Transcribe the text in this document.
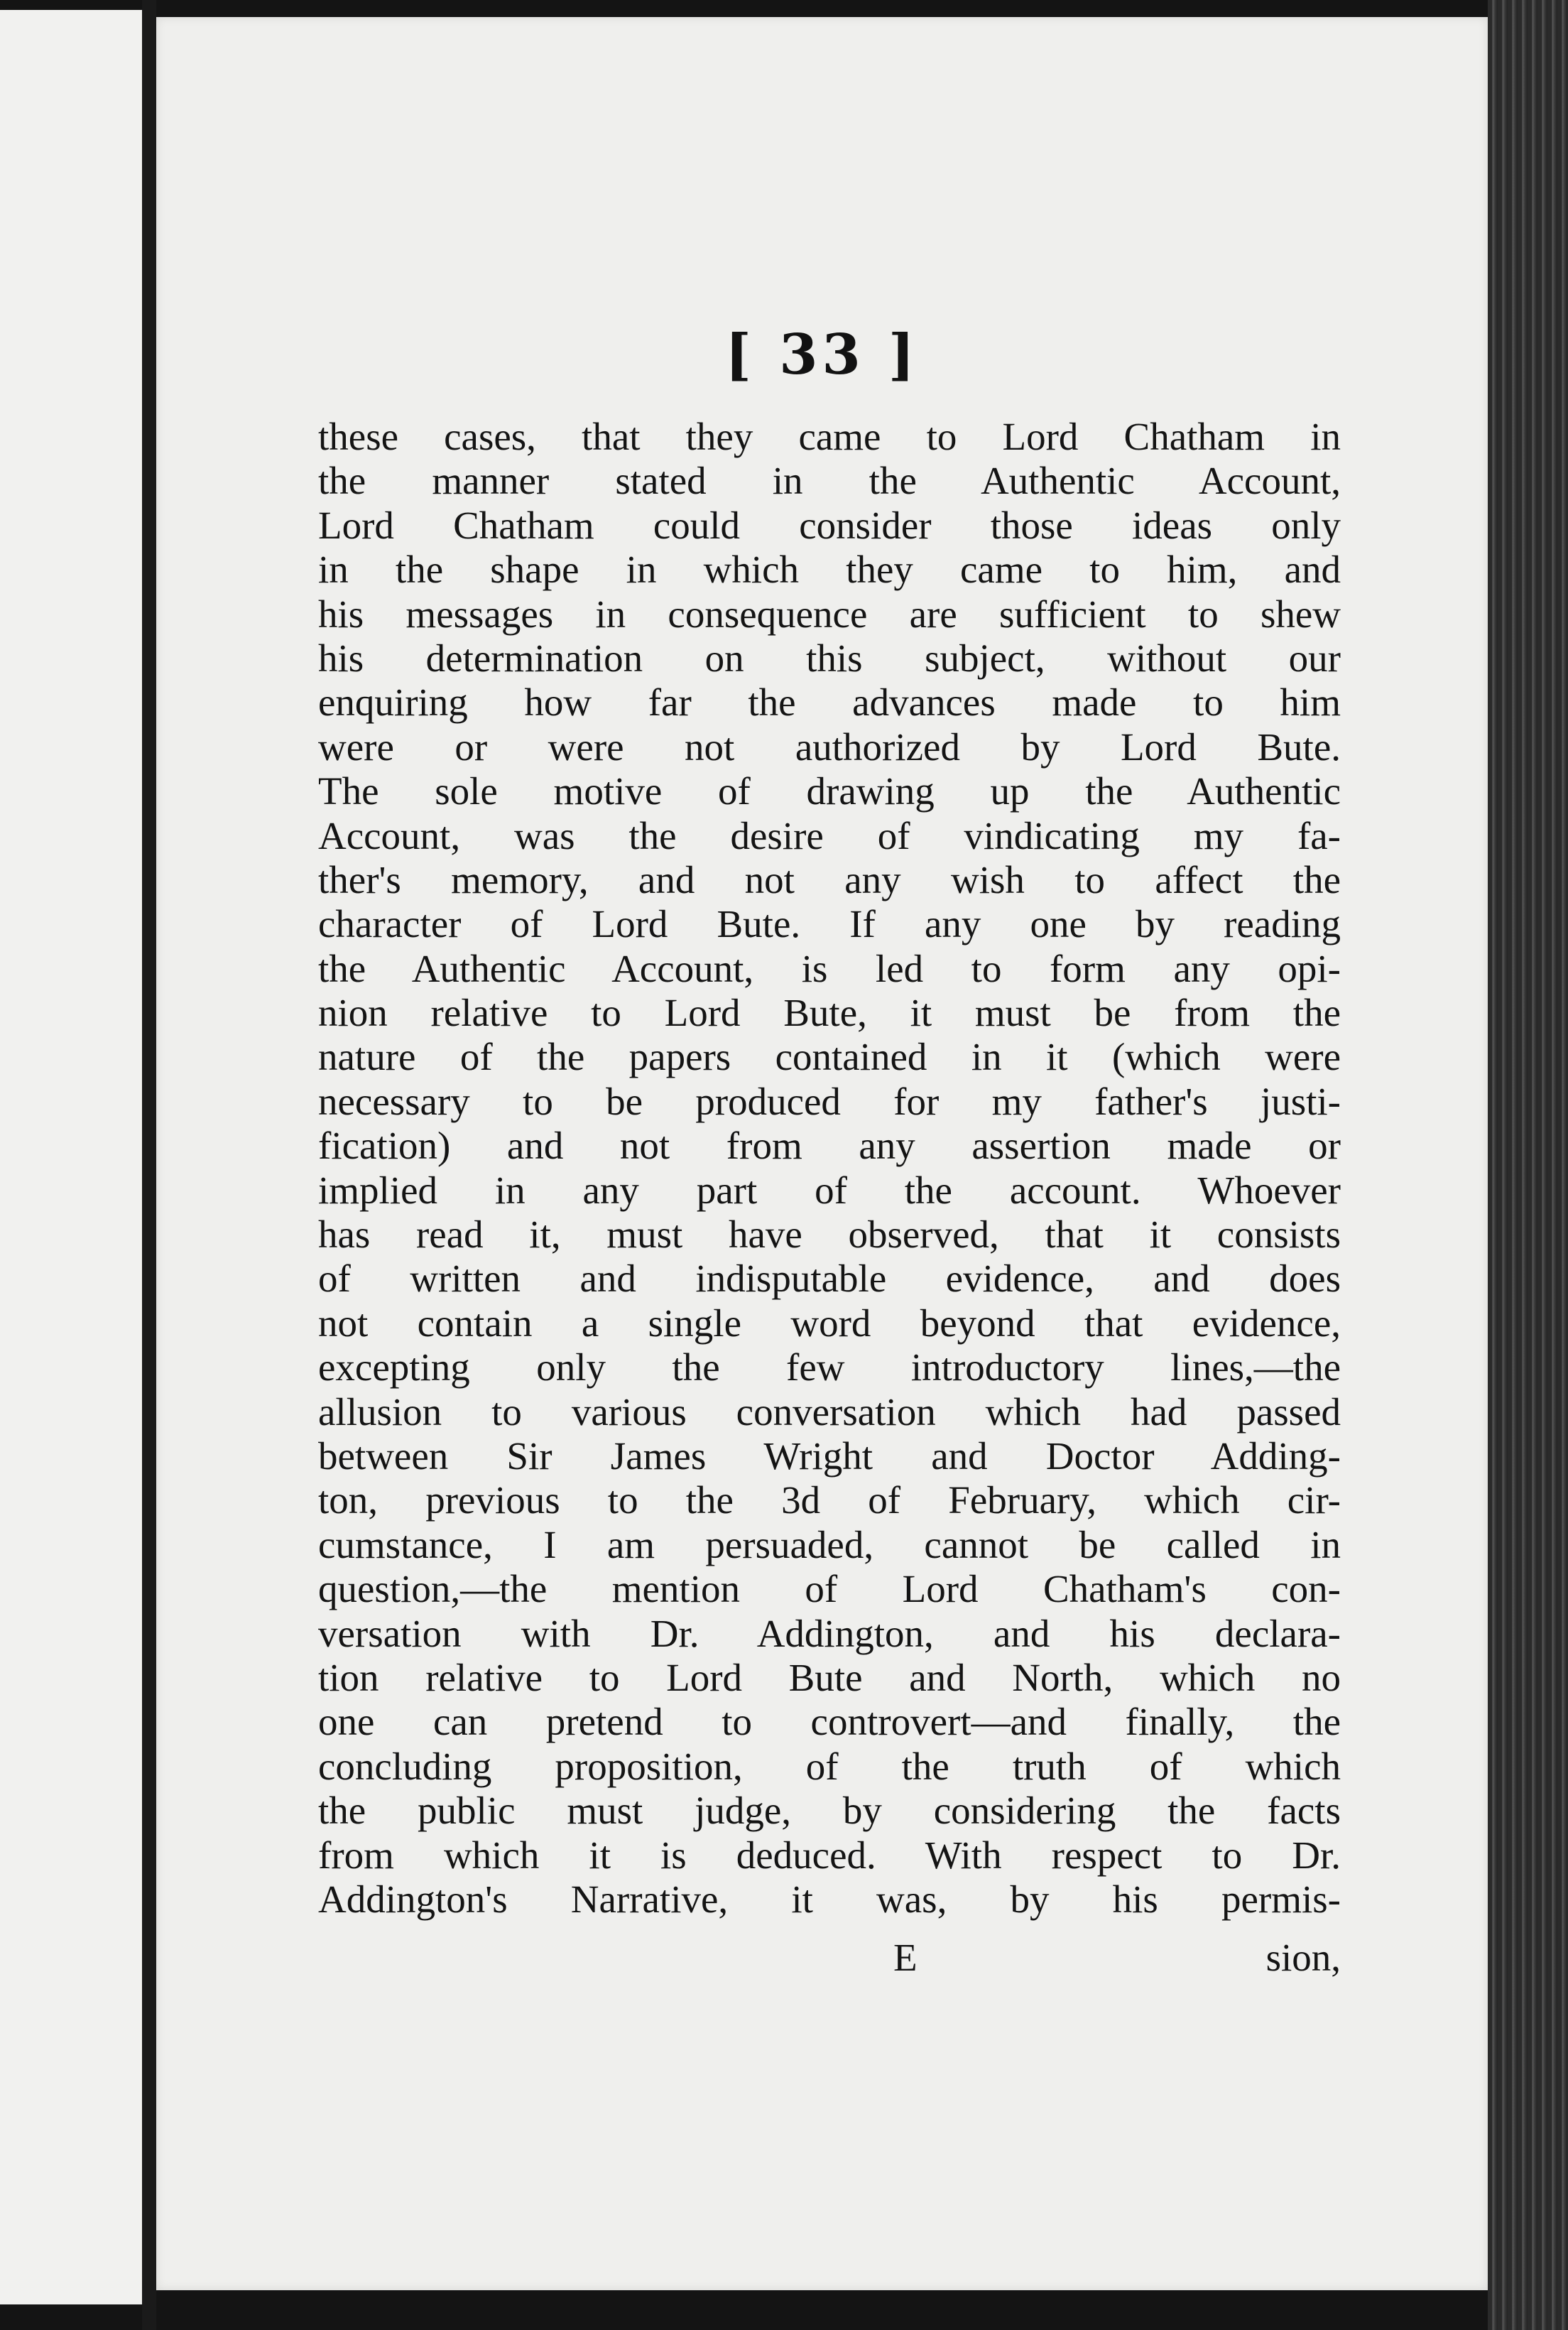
[ 33 ]
these cases, that they came to Lord Chatham in
the manner stated in the Authentic Account,
Lord Chatham could consider those ideas only
in the shape in which they came to him, and
his messages in consequence are sufficient to shew
his determination on this subject, without our
enquiring how far the advances made to him
were or were not authorized by Lord Bute.
The sole motive of drawing up the Authentic
Account, was the desire of vindicating my fa-
ther's memory, and not any wish to affect the
character of Lord Bute. If any one by reading
the Authentic Account, is led to form any opi-
nion relative to Lord Bute, it must be from the
nature of the papers contained in it (which were
necessary to be produced for my father's justi-
fication) and not from any assertion made or
implied in any part of the account. Whoever
has read it, must have observed, that it consists
of written and indisputable evidence, and does
not contain a single word beyond that evidence,
excepting only the few introductory lines,—the
allusion to various conversation which had passed
between Sir James Wright and Doctor Adding-
ton, previous to the 3d of February, which cir-
cumstance, I am persuaded, cannot be called in
question,—the mention of Lord Chatham's con-
versation with Dr. Addington, and his declara-
tion relative to Lord Bute and North, which no
one can pretend to controvert—and finally, the
concluding proposition, of the truth of which
the public must judge, by considering the facts
from which it is deduced. With respect to Dr.
Addington's Narrative, it was, by his permis-
E	sion,
